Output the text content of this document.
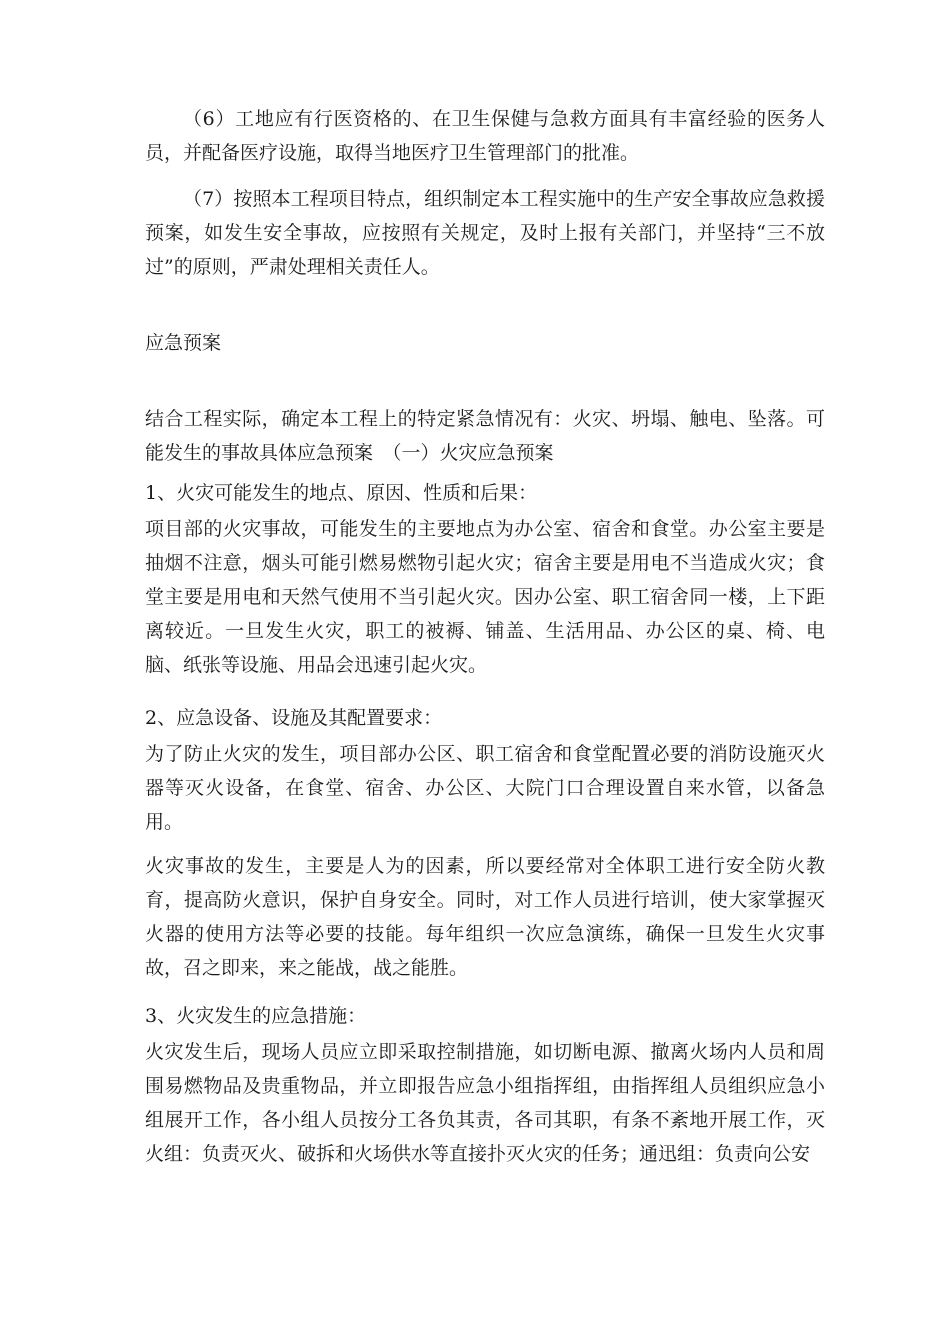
（6）工地应有行医资格的、在卫生保健与急救方面具有丰富经验的医务人员，并配备医疗设施，取得当地医疗卫生管理部门的批准。

（7）按照本工程项目特点，组织制定本工程实施中的生产安全事故应急救援预案，如发生安全事故，应按照有关规定，及时上报有关部门，并坚持“三不放过”的原则，严肃处理相关责任人。

应急预案

结合工程实际，确定本工程上的特定紧急情况有：火灾、坍塌、触电、坠落。可能发生的事故具体应急预案　（一）火灾应急预案

1、火灾可能发生的地点、原因、性质和后果：

项目部的火灾事故，可能发生的主要地点为办公室、宿舍和食堂。办公室主要是抽烟不注意，烟头可能引燃易燃物引起火灾；宿舍主要是用电不当造成火灾；食堂主要是用电和天然气使用不当引起火灾。因办公室、职工宿舍同一楼，上下距离较近。一旦发生火灾，职工的被褥、铺盖、生活用品、办公区的桌、椅、电脑、纸张等设施、用品会迅速引起火灾。

2、应急设备、设施及其配置要求：

为了防止火灾的发生，项目部办公区、职工宿舍和食堂配置必要的消防设施灭火器等灭火设备，在食堂、宿舍、办公区、大院门口合理设置自来水管，以备急用。

火灾事故的发生，主要是人为的因素，所以要经常对全体职工进行安全防火教育，提高防火意识，保护自身安全。同时，对工作人员进行培训，使大家掌握灭火器的使用方法等必要的技能。每年组织一次应急演练，确保一旦发生火灾事故，召之即来，来之能战，战之能胜。

3、火灾发生的应急措施：

火灾发生后，现场人员应立即采取控制措施，如切断电源、撤离火场内人员和周围易燃物品及贵重物品，并立即报告应急小组指挥组，由指挥组人员组织应急小组展开工作，各小组人员按分工各负其责，各司其职，有条不紊地开展工作，灭火组：负责灭火、破拆和火场供水等直接扑灭火灾的任务；通迅组：负责向公安
